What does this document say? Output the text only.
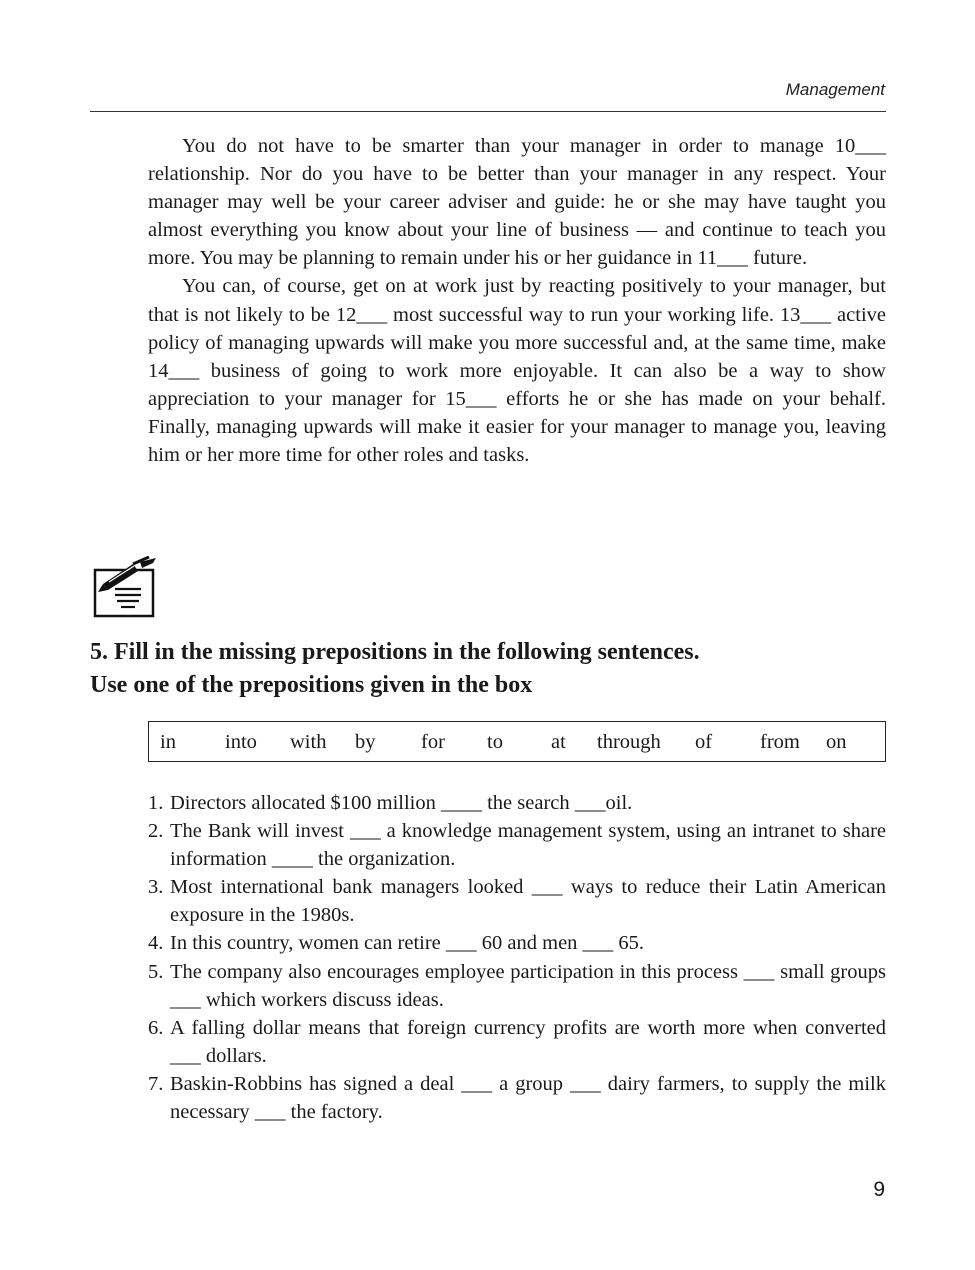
Management

You do not have to be smarter than your manager in order to manage 10___ relationship. Nor do you have to be better than your manager in any respect. Your manager may well be your career adviser and guide: he or she may have taught you almost everything you know about your line of business — and continue to teach you more. You may be planning to remain under his or her guidance in 11___ future.

You can, of course, get on at work just by reacting positively to your manager, but that is not likely to be 12___ most successful way to run your working life. 13___ active policy of managing upwards will make you more successful and, at the same time, make 14___ business of going to work more enjoyable. It can also be a way to show appreciation to your manager for 15___ efforts he or she has made on your behalf. Finally, managing upwards will make it easier for your manager to manage you, leaving him or her more time for other roles and tasks.

5. Fill in the missing prepositions in the following sentences.
Use one of the prepositions given in the box
in into with by for to at through of from on
1. Directors allocated $100 million ____ the search ___oil.
2. The Bank will invest ___ a knowledge management system, using an intranet to share information ____ the organization.
3. Most international bank managers looked ___ ways to reduce their Latin American exposure in the 1980s.
4. In this country, women can retire ___ 60 and men ___ 65.
5. The company also encourages employee participation in this process ___ small groups ___ which workers discuss ideas.
6. A falling dollar means that foreign currency profits are worth more when converted ___ dollars.
7. Baskin-Robbins has signed a deal ___ a group ___ dairy farmers, to supply the milk necessary ___ the factory.
9
